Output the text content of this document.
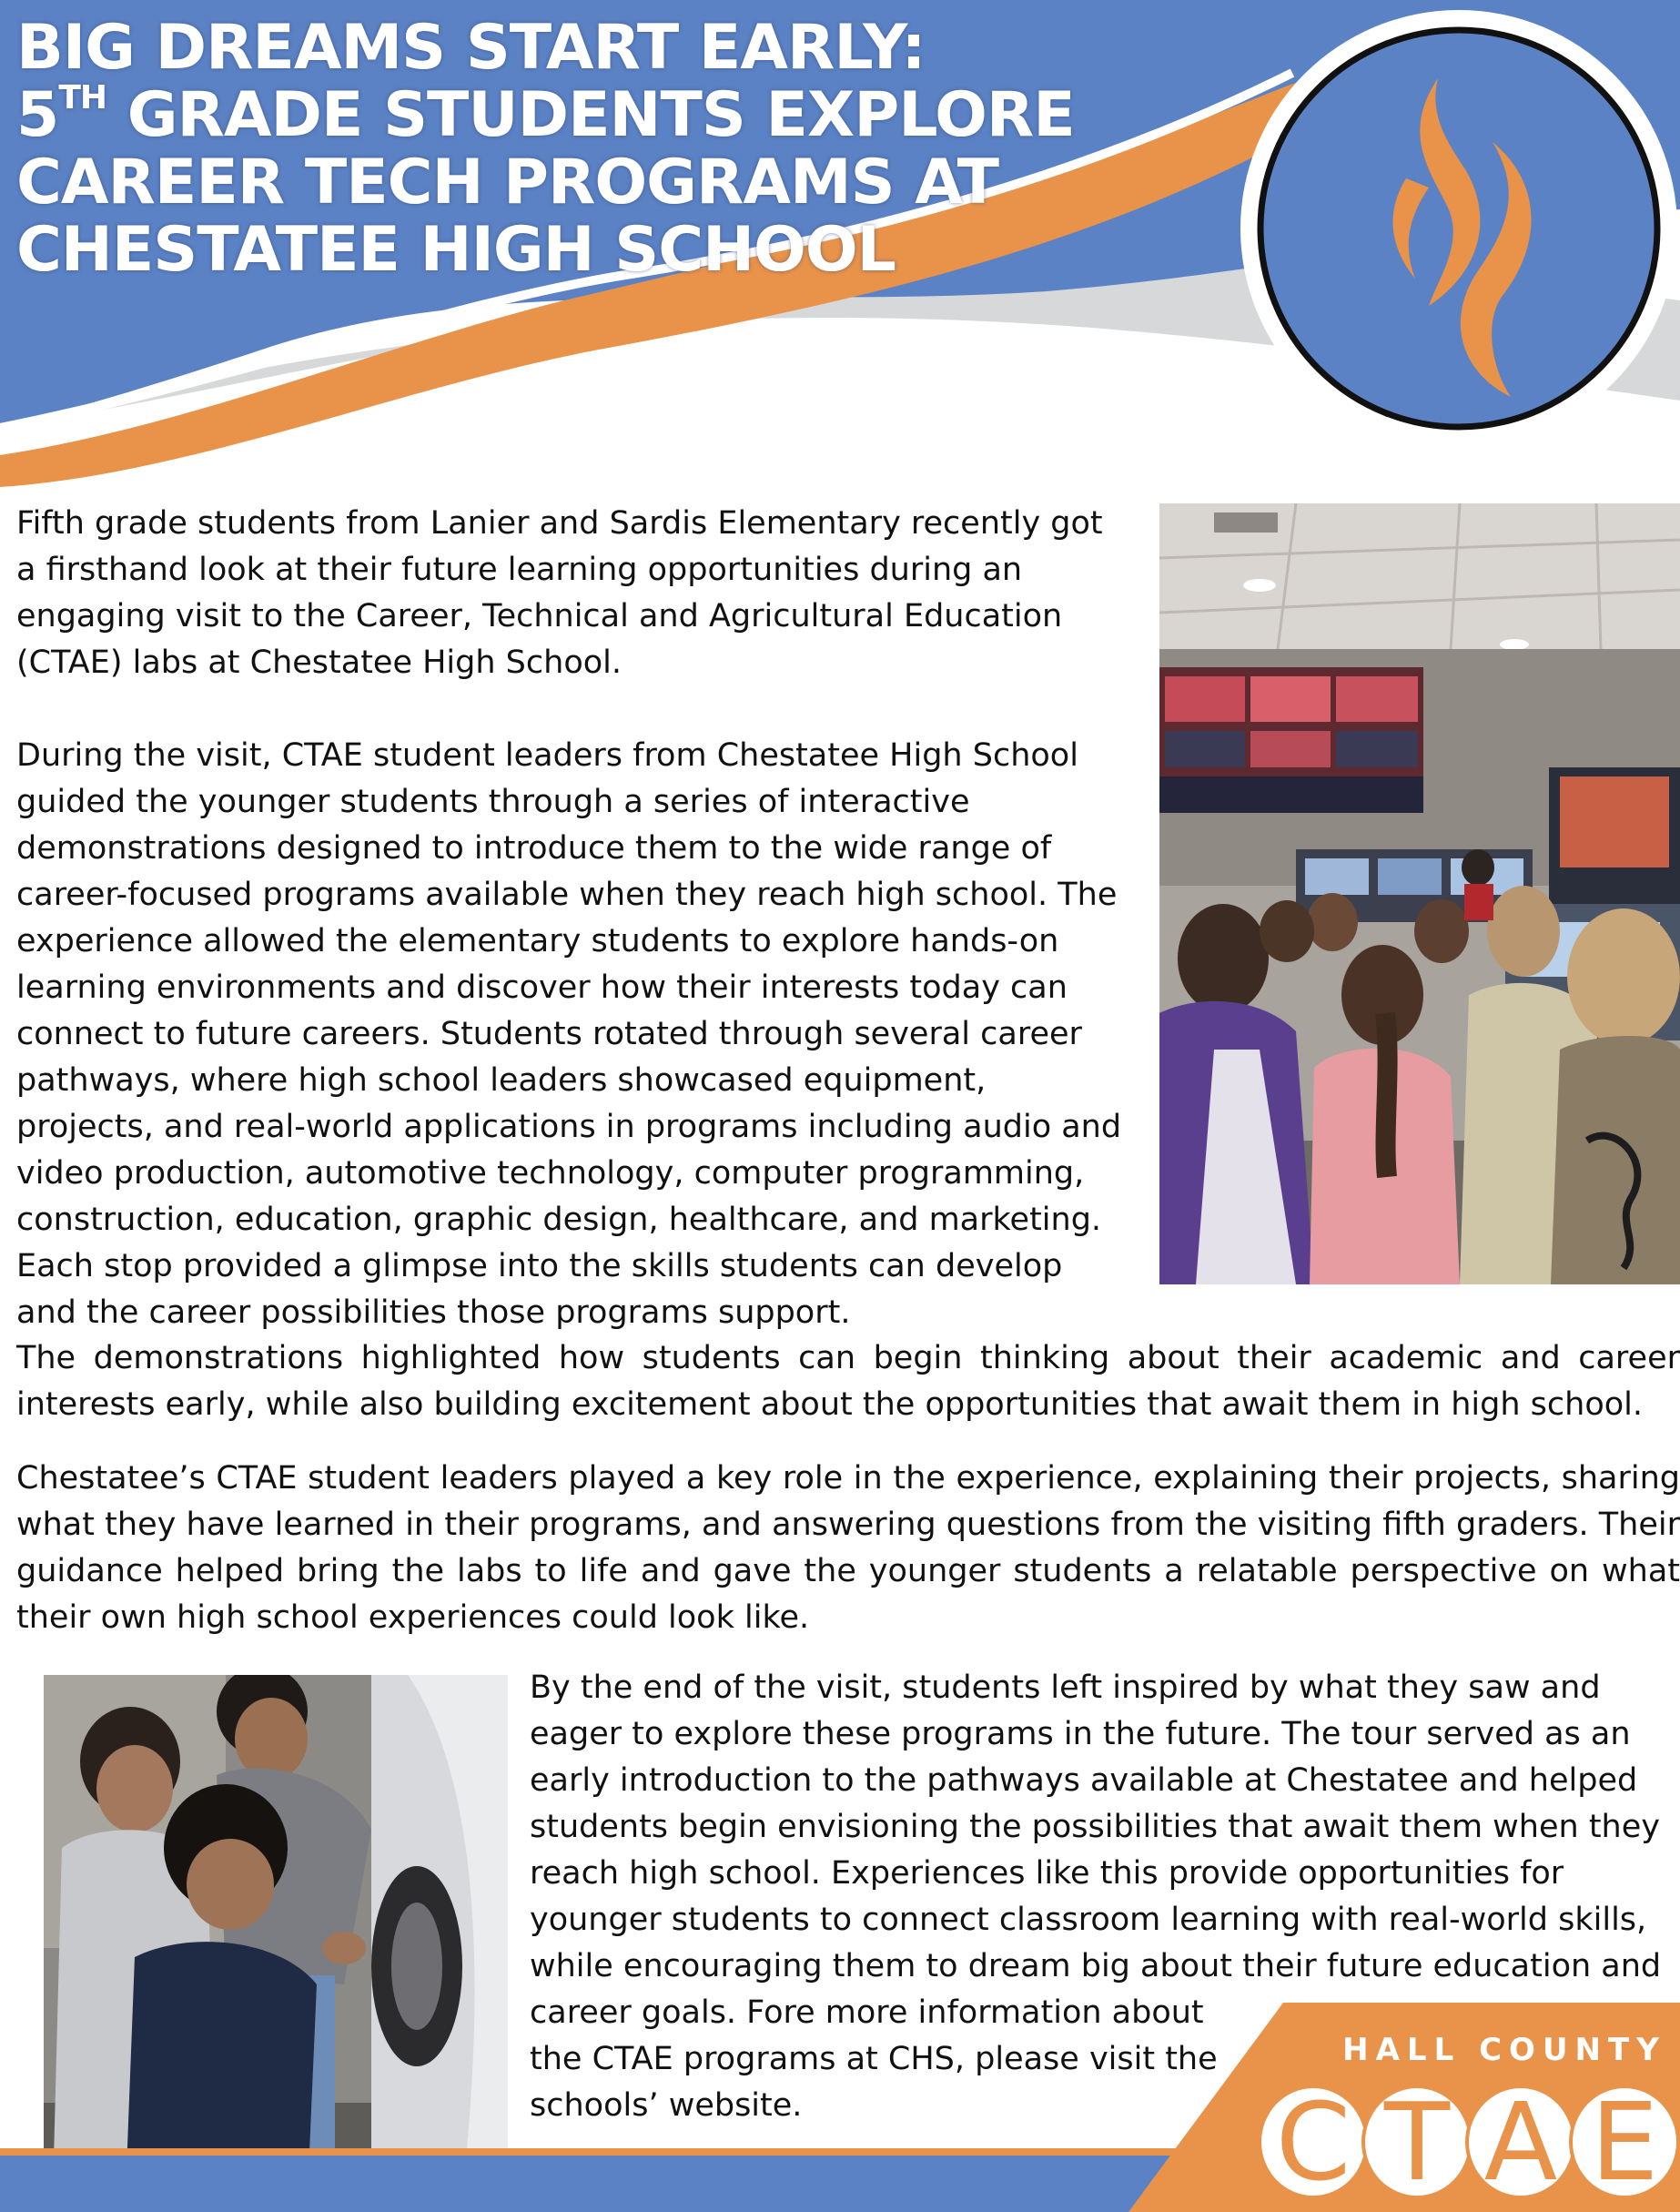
BIG DREAMS START EARLY:
5TH GRADE STUDENTS EXPLORE
CAREER TECH PROGRAMS AT
CHESTATEE HIGH SCHOOL

Fifth grade students from Lanier and Sardis Elementary recently got
a firsthand look at their future learning opportunities during an
engaging visit to the Career, Technical and Agricultural Education
(CTAE) labs at Chestatee High School.

During the visit, CTAE student leaders from Chestatee High School
guided the younger students through a series of interactive
demonstrations designed to introduce them to the wide range of
career-focused programs available when they reach high school. The
experience allowed the elementary students to explore hands-on
learning environments and discover how their interests today can
connect to future careers. Students rotated through several career
pathways, where high school leaders showcased equipment,
projects, and real-world applications in programs including audio and
video production, automotive technology, computer programming,
construction, education, graphic design, healthcare, and marketing.
Each stop provided a glimpse into the skills students can develop
and the career possibilities those programs support.

The demonstrations highlighted how students can begin thinking about their academic and career interests early, while also building excitement about the opportunities that await them in high school.

Chestatee’s CTAE student leaders played a key role in the experience, explaining their projects, sharing what they have learned in their programs, and answering questions from the visiting fifth graders. Their guidance helped bring the labs to life and gave the younger students a relatable perspective on what their own high school experiences could look like.

By the end of the visit, students left inspired by what they saw and
eager to explore these programs in the future. The tour served as an
early introduction to the pathways available at Chestatee and helped
students begin envisioning the possibilities that await them when they
reach high school. Experiences like this provide opportunities for
younger students to connect classroom learning with real-world skills,
while encouraging them to dream big about their future education and
career goals. Fore more information about
the CTAE programs at CHS, please visit the
schools’ website.

HALL COUNTY
C T A E
